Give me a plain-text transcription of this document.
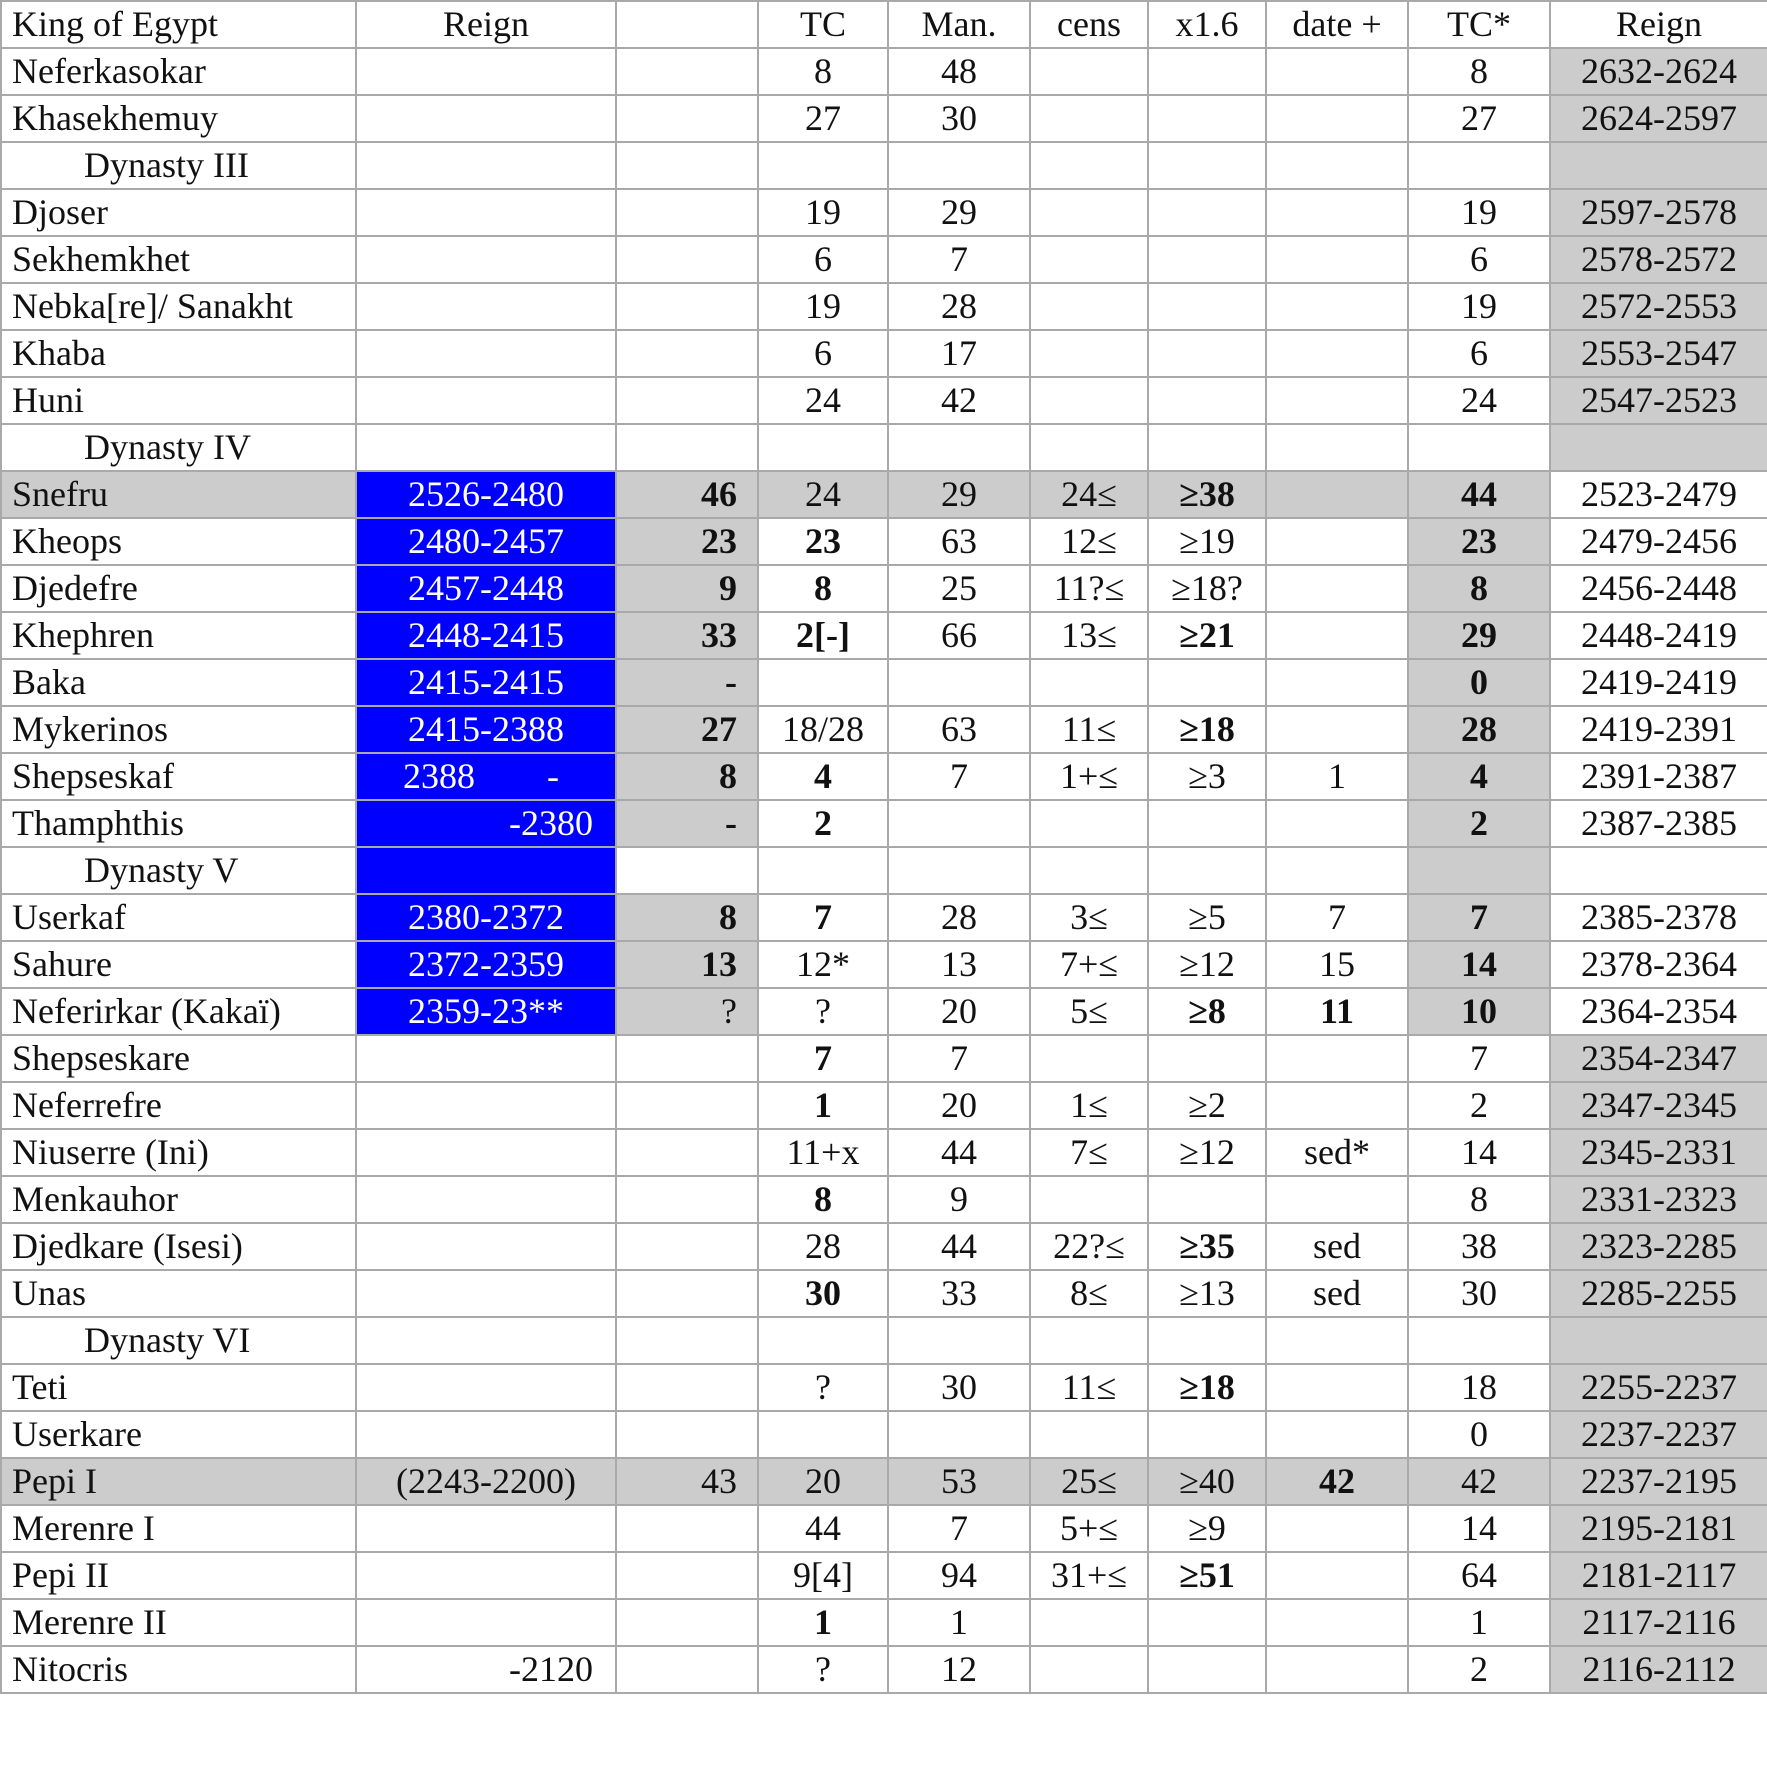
King of Egypt	Reign		TC	Man.	cens	x1.6	date +	TC*	Reign
Neferkasokar			8	48				8	2632-2624
Khasekhemuy			27	30				27	2624-2597
Dynasty III									
Djoser			19	29				19	2597-2578
Sekhemkhet			6	7				6	2578-2572
Nebka[re]/ Sanakht			19	28				19	2572-2553
Khaba			6	17				6	2553-2547
Huni			24	42				24	2547-2523
Dynasty IV									
Snefru	2526-2480	46	24	29	24≤	≥38		44	2523-2479
Kheops	2480-2457	23	23	63	12≤	≥19		23	2479-2456
Djedefre	2457-2448	9	8	25	11?≤	≥18?		8	2456-2448
Khephren	2448-2415	33	2[-]	66	13≤	≥21		29	2448-2419
Baka	2415-2415	-						0	2419-2419
Mykerinos	2415-2388	27	18/28	63	11≤	≥18		28	2419-2391
Shepseskaf	2388        -	8	4	7	1+≤	≥3	1	4	2391-2387
Thamphthis	-2380	-	2					2	2387-2385
Dynasty V									
Userkaf	2380-2372	8	7	28	3≤	≥5	7	7	2385-2378
Sahure	2372-2359	13	12*	13	7+≤	≥12	15	14	2378-2364
Neferirkar (Kakaï)	2359-23**	?	?	20	5≤	≥8	11	10	2364-2354
Shepseskare			7	7				7	2354-2347
Neferrefre			1	20	1≤	≥2		2	2347-2345
Niuserre (Ini)			11+x	44	7≤	≥12	sed*	14	2345-2331
Menkauhor			8	9				8	2331-2323
Djedkare (Isesi)			28	44	22?≤	≥35	sed	38	2323-2285
Unas			30	33	8≤	≥13	sed	30	2285-2255
Dynasty VI									
Teti			?	30	11≤	≥18		18	2255-2237
Userkare								0	2237-2237
Pepi I	(2243-2200)	43	20	53	25≤	≥40	42	42	2237-2195
Merenre I			44	7	5+≤	≥9		14	2195-2181
Pepi II			9[4]	94	31+≤	≥51		64	2181-2117
Merenre II			1	1				1	2117-2116
Nitocris	-2120		?	12				2	2116-2112
